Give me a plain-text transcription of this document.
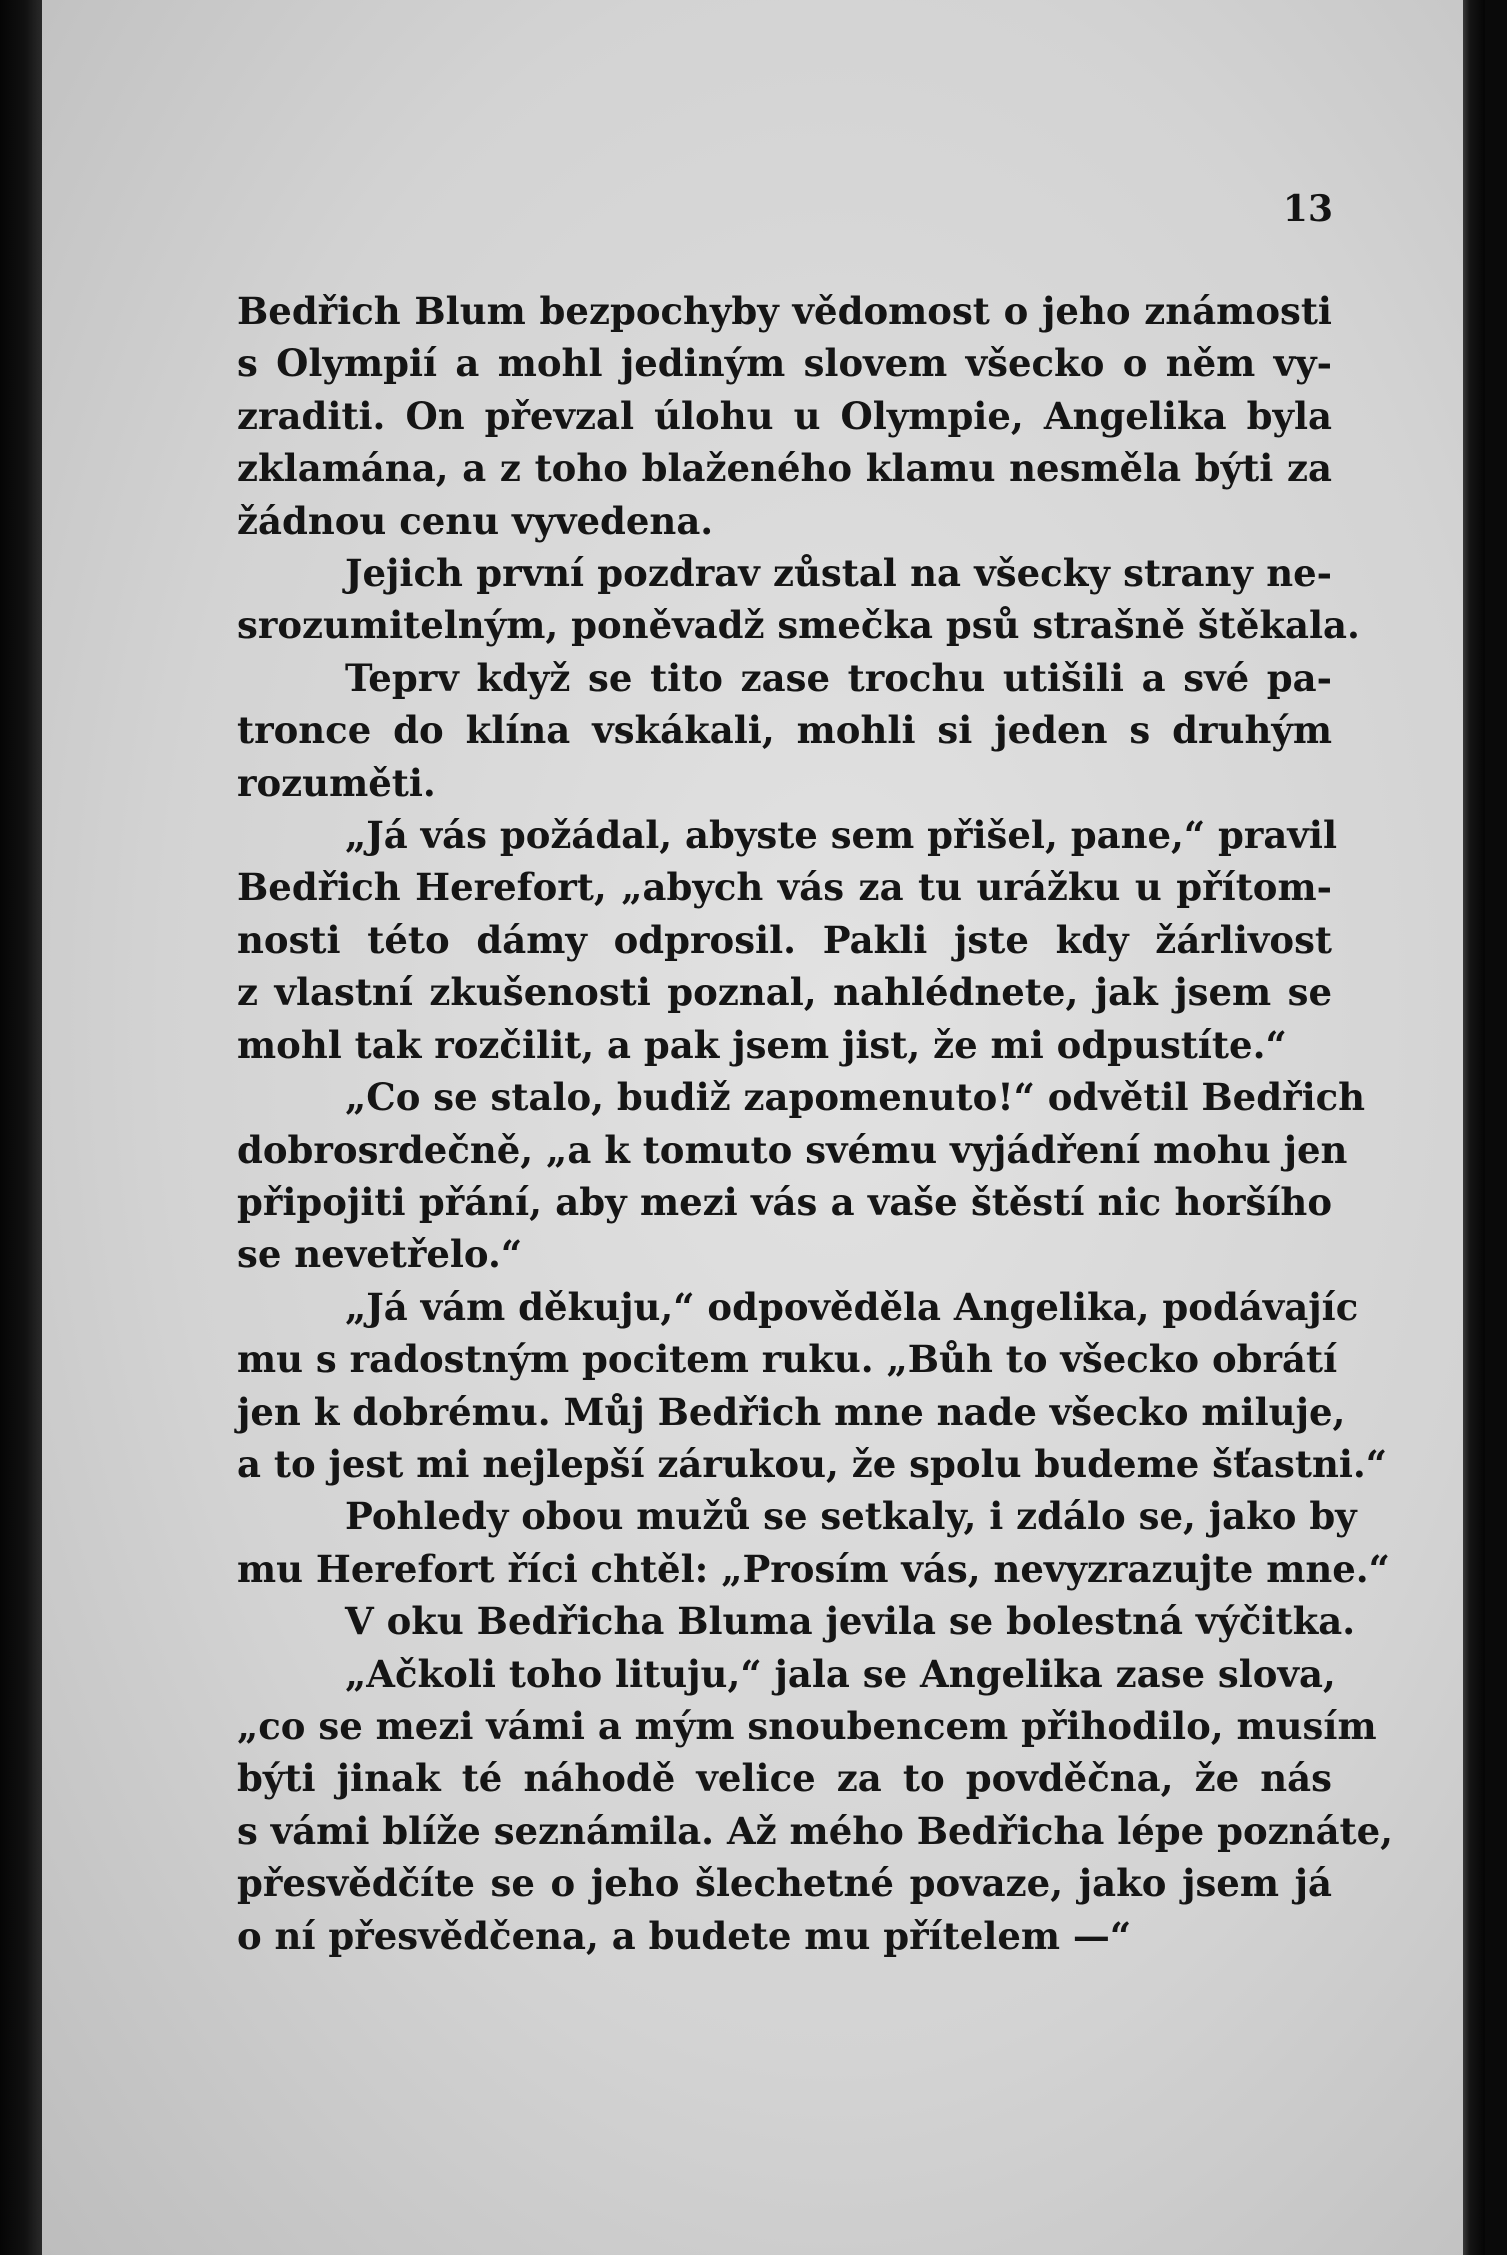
13

Bedřich Blum bezpochyby vědomost o jeho známosti
s Olympií a mohl jediným slovem všecko o něm vy-
zraditi. On převzal úlohu u Olympie, Angelika byla
zklamána, a z toho blaženého klamu nesměla býti za
žádnou cenu vyvedena.
Jejich první pozdrav zůstal na všecky strany ne-
srozumitelným, poněvadž smečka psů strašně štěkala.
Teprv když se tito zase trochu utišili a své pa-
tronce do klína vskákali, mohli si jeden s druhým
rozuměti.
„Já vás požádal, abyste sem přišel, pane,“ pravil
Bedřich Herefort, „abych vás za tu urážku u přítom-
nosti této dámy odprosil. Pakli jste kdy žárlivost
z vlastní zkušenosti poznal, nahlédnete, jak jsem se
mohl tak rozčilit, a pak jsem jist, že mi odpustíte.“
„Co se stalo, budiž zapomenuto!“ odvětil Bedřich
dobrosrdečně, „a k tomuto svému vyjádření mohu jen
připojiti přání, aby mezi vás a vaše štěstí nic horšího
se nevetřelo.“
„Já vám děkuju,“ odpověděla Angelika, podávajíc
mu s radostným pocitem ruku. „Bůh to všecko obrátí
jen k dobrému. Můj Bedřich mne nade všecko miluje,
a to jest mi nejlepší zárukou, že spolu budeme šťastni.“
Pohledy obou mužů se setkaly, i zdálo se, jako by
mu Herefort říci chtěl: „Prosím vás, nevyzrazujte mne.“
V oku Bedřicha Bluma jevila se bolestná výčitka.
„Ačkoli toho lituju,“ jala se Angelika zase slova,
„co se mezi vámi a mým snoubencem přihodilo, musím
býti jinak té náhodě velice za to povděčna, že nás
s vámi blíže seznámila. Až mého Bedřicha lépe poznáte,
přesvědčíte se o jeho šlechetné povaze, jako jsem já
o ní přesvědčena, a budete mu přítelem —“
